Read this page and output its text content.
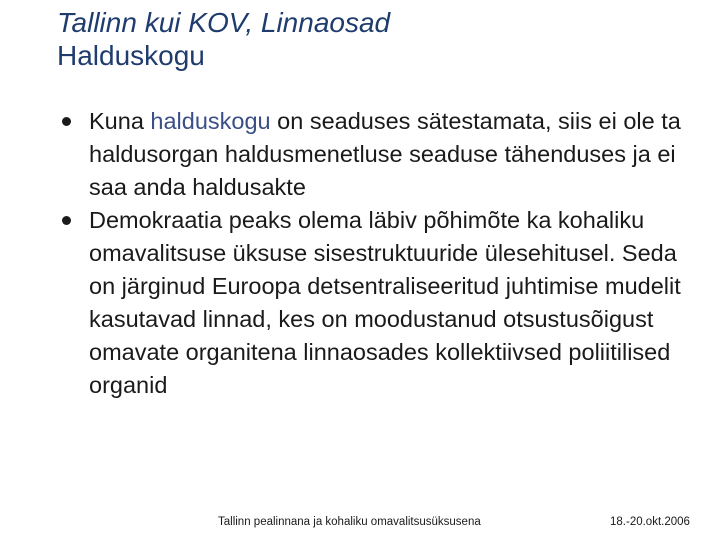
Tallinn kui KOV, Linnaosad
Halduskogu
Kuna halduskogu on seaduses sätestamata, siis ei ole ta haldusorgan haldusmenetluse seaduse tähenduses ja ei saa anda haldusakte
Demokraatia peaks olema läbiv põhimõte ka kohaliku omavalitsuse üksuse sisestruktuuride ülesehitusel. Seda on järginud Euroopa detsentraliseeritud juhtimise mudelit kasutavad linnad, kes on moodustanud otsustusõigust omavate organitena linnaosades kollektiivsed poliitilised organid
Tallinn pealinnana ja kohaliku omavalitsusüksusena	18.-20.okt.2006
